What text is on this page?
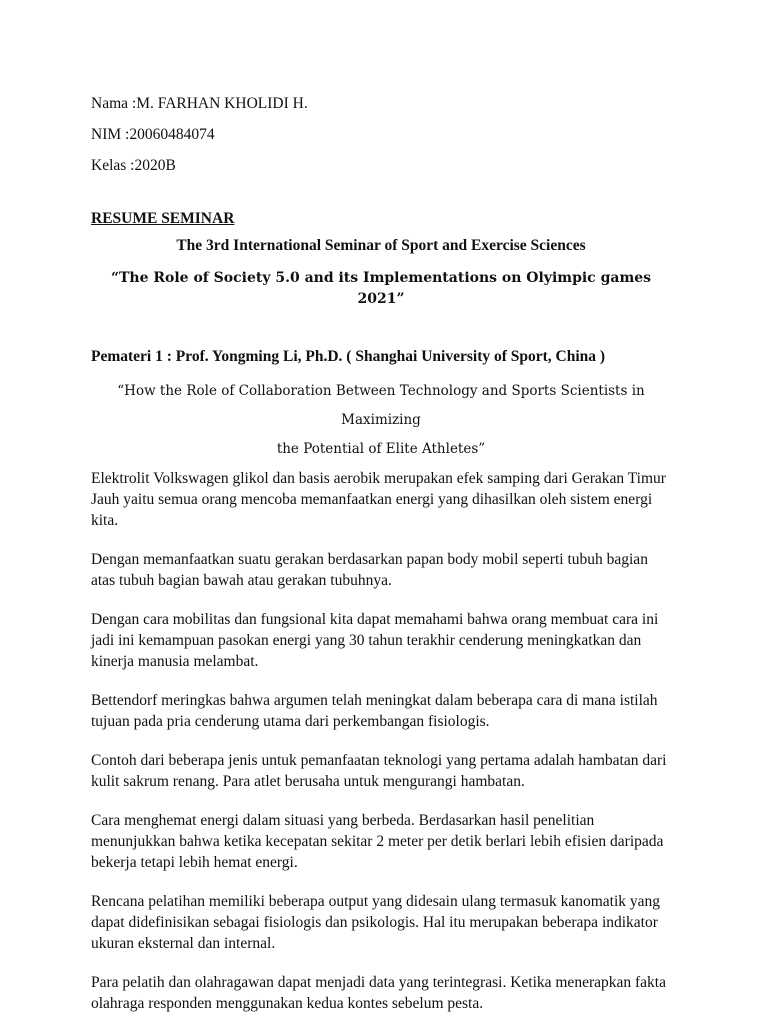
Nama :M. FARHAN KHOLIDI H.
NIM :20060484074
Kelas :2020B
RESUME SEMINAR
The 3rd International Seminar of Sport and Exercise Sciences
“The Role of Society 5.0 and its Implementations on Olyimpic games 2021”
Pemateri 1 : Prof. Yongming Li, Ph.D. ( Shanghai University of Sport, China )
“How the Role of Collaboration Between Technology and Sports Scientists in Maximizing
the Potential of Elite Athletes”
Elektrolit Volkswagen glikol dan basis aerobik merupakan efek samping dari Gerakan Timur Jauh yaitu semua orang mencoba memanfaatkan energi yang dihasilkan oleh sistem energi kita.
Dengan memanfaatkan suatu gerakan berdasarkan papan body mobil seperti tubuh bagian atas tubuh bagian bawah atau gerakan tubuhnya.
Dengan cara mobilitas dan fungsional kita dapat memahami bahwa orang membuat cara ini jadi ini kemampuan pasokan energi yang 30 tahun terakhir cenderung meningkatkan dan kinerja manusia melambat.
Bettendorf meringkas bahwa argumen telah meningkat dalam beberapa cara di mana istilah tujuan pada pria cenderung utama dari perkembangan fisiologis.
Contoh dari beberapa jenis untuk pemanfaatan teknologi yang pertama adalah hambatan dari kulit sakrum renang. Para atlet berusaha untuk mengurangi hambatan.
Cara menghemat energi dalam situasi yang berbeda. Berdasarkan hasil penelitian menunjukkan bahwa ketika kecepatan sekitar 2 meter per detik berlari lebih efisien daripada bekerja tetapi lebih hemat energi.
Rencana pelatihan memiliki beberapa output yang didesain ulang termasuk kanomatik yang dapat didefinisikan sebagai fisiologis dan psikologis. Hal itu merupakan beberapa indikator ukuran eksternal dan internal.
Para pelatih dan olahragawan dapat menjadi data yang terintegrasi. Ketika menerapkan fakta olahraga responden menggunakan kedua kontes sebelum pesta.
